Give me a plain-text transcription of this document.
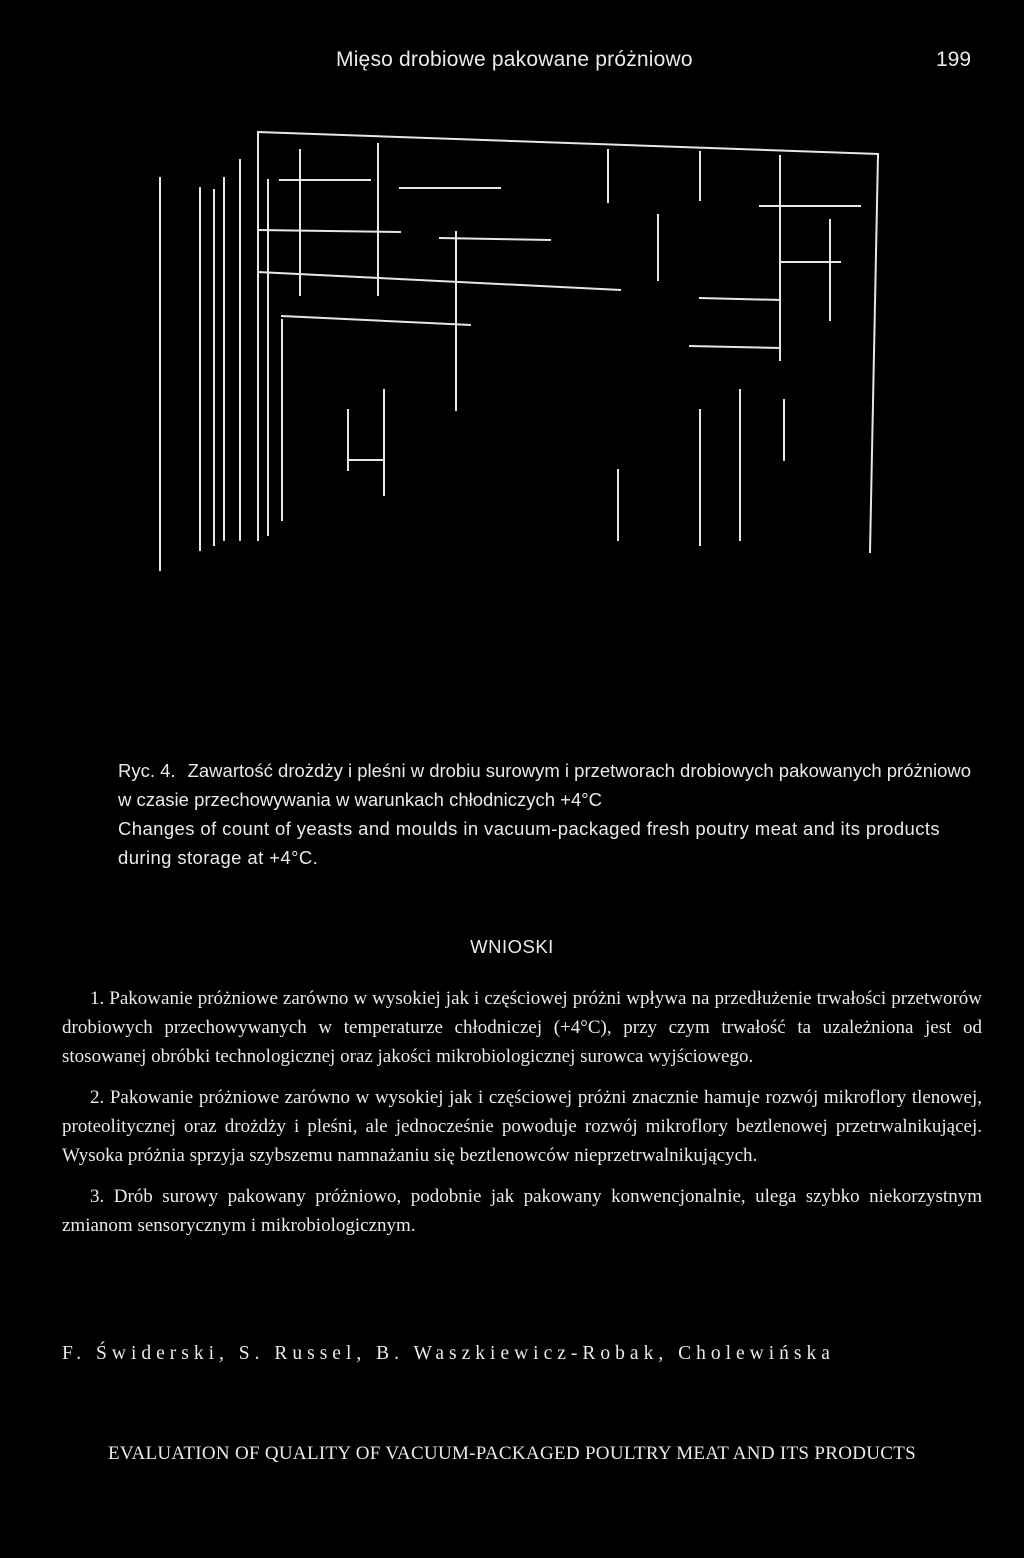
Mięso drobiowe pakowane próżniowo	199
Ryc. 4. Zawartość drożdży i pleśni w drobiu surowym i przetworach drobiowych pakowanych próżniowo w czasie przechowywania w warunkach chłodniczych +4°C
Changes of count of yeasts and moulds in vacuum-packaged fresh poutry meat and its products during storage at +4°C.
WNIOSKI

1. Pakowanie próżniowe zarówno w wysokiej jak i częściowej próżni wpływa na przedłużenie trwałości przetworów drobiowych przechowywanych w temperaturze chłodniczej (+4°C), przy czym trwałość ta uzależniona jest od stosowanej obróbki technologicznej oraz jakości mikrobiologicznej surowca wyjściowego.

2. Pakowanie próżniowe zarówno w wysokiej jak i częściowej próżni znacznie hamuje rozwój mikroflory tlenowej, proteolitycznej oraz drożdży i pleśni, ale jednocześnie powoduje rozwój mikroflory beztlenowej przetrwalnikującej. Wysoka próżnia sprzyja szybszemu namnażaniu się beztlenowców nieprzetrwalnikujących.

3. Drób surowy pakowany próżniowo, podobnie jak pakowany konwencjonalnie, ulega szybko niekorzystnym zmianom sensorycznym i mikrobiologicznym.

F. Świderski, S. Russel, B. Waszkiewicz-Robak, Cholewińska
EVALUATION OF QUALITY OF VACUUM-PACKAGED POULTRY MEAT AND ITS PRODUCTS
